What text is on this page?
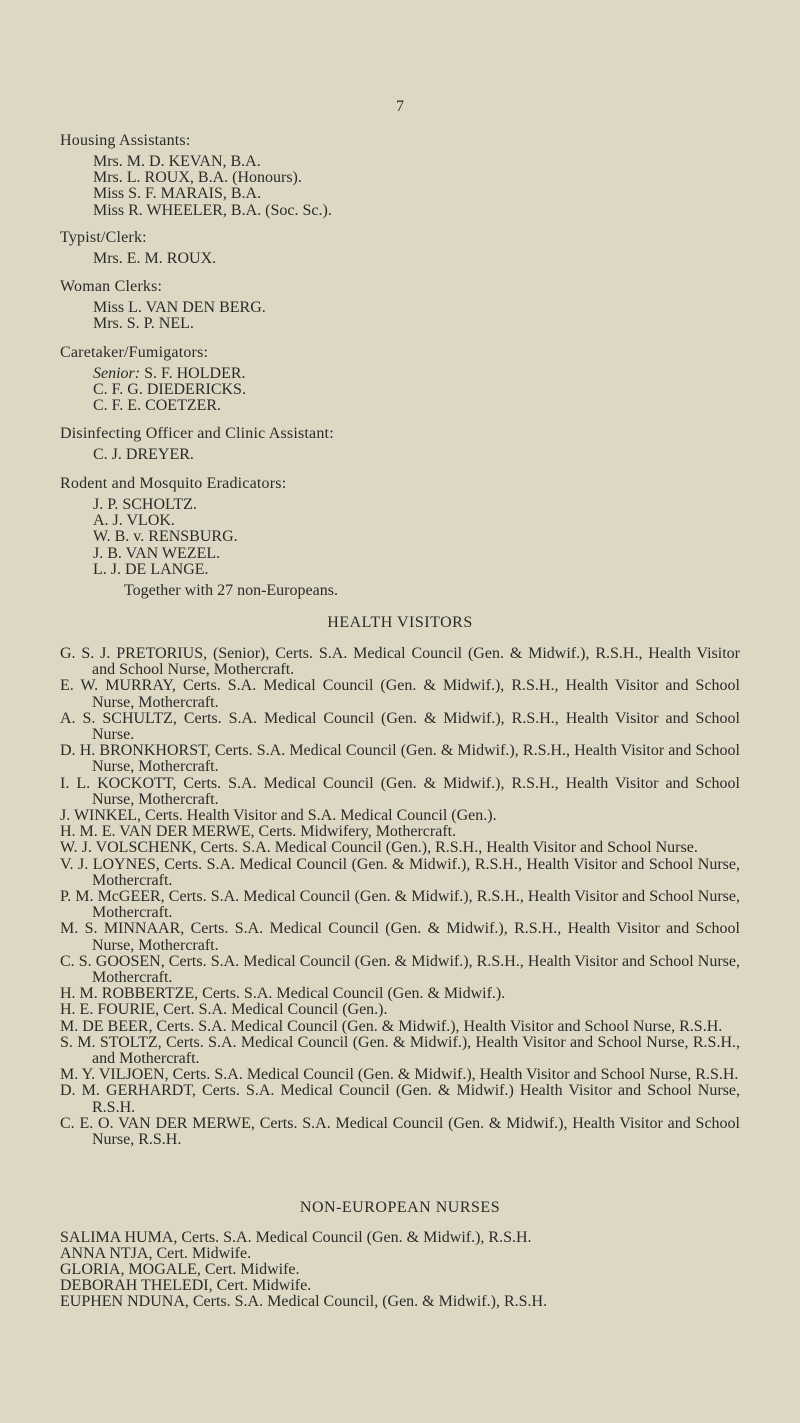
7
Housing Assistants:
Mrs. M. D. KEVAN, B.A.
Mrs. L. ROUX, B.A. (Honours).
Miss S. F. MARAIS, B.A.
Miss R. WHEELER, B.A. (Soc. Sc.).
Typist/Clerk:
Mrs. E. M. ROUX.
Woman Clerks:
Miss L. VAN DEN BERG.
Mrs. S. P. NEL.
Caretaker/Fumigators:
Senior: S. F. HOLDER.
C. F. G. DIEDERICKS.
C. F. E. COETZER.
Disinfecting Officer and Clinic Assistant:
C. J. DREYER.
Rodent and Mosquito Eradicators:
J. P. SCHOLTZ.
A. J. VLOK.
W. B. v. RENSBURG.
J. B. VAN WEZEL.
L. J. DE LANGE.
Together with 27 non-Europeans.
HEALTH VISITORS
G. S. J. PRETORIUS, (Senior), Certs. S.A. Medical Council (Gen. & Midwif.), R.S.H., Health Visitor and School Nurse, Mothercraft.
E. W. MURRAY, Certs. S.A. Medical Council (Gen. & Midwif.), R.S.H., Health Visitor and School Nurse, Mothercraft.
A. S. SCHULTZ, Certs. S.A. Medical Council (Gen. & Midwif.), R.S.H., Health Visitor and School Nurse.
D. H. BRONKHORST, Certs. S.A. Medical Council (Gen. & Midwif.), R.S.H., Health Visitor and School Nurse, Mothercraft.
I. L. KOCKOTT, Certs. S.A. Medical Council (Gen. & Midwif.), R.S.H., Health Visitor and School Nurse, Mothercraft.
J. WINKEL, Certs. Health Visitor and S.A. Medical Council (Gen.).
H. M. E. VAN DER MERWE, Certs. Midwifery, Mothercraft.
W. J. VOLSCHENK, Certs. S.A. Medical Council (Gen.), R.S.H., Health Visitor and School Nurse.
V. J. LOYNES, Certs. S.A. Medical Council (Gen. & Midwif.), R.S.H., Health Visitor and School Nurse, Mothercraft.
P. M. McGEER, Certs. S.A. Medical Council (Gen. & Midwif.), R.S.H., Health Visitor and School Nurse, Mothercraft.
M. S. MINNAAR, Certs. S.A. Medical Council (Gen. & Midwif.), R.S.H., Health Visitor and School Nurse, Mothercraft.
C. S. GOOSEN, Certs. S.A. Medical Council (Gen. & Midwif.), R.S.H., Health Visitor and School Nurse, Mothercraft.
H. M. ROBBERTZE, Certs. S.A. Medical Council (Gen. & Midwif.).
H. E. FOURIE, Cert. S.A. Medical Council (Gen.).
M. DE BEER, Certs. S.A. Medical Council (Gen. & Midwif.), Health Visitor and School Nurse, R.S.H.
S. M. STOLTZ, Certs. S.A. Medical Council (Gen. & Midwif.), Health Visitor and School Nurse, R.S.H., and Mothercraft.
M. Y. VILJOEN, Certs. S.A. Medical Council (Gen. & Midwif.), Health Visitor and School Nurse, R.S.H.
D. M. GERHARDT, Certs. S.A. Medical Council (Gen. & Midwif.) Health Visitor and School Nurse, R.S.H.
C. E. O. VAN DER MERWE, Certs. S.A. Medical Council (Gen. & Midwif.), Health Visitor and School Nurse, R.S.H.
NON-EUROPEAN NURSES
SALIMA HUMA, Certs. S.A. Medical Council (Gen. & Midwif.), R.S.H.
ANNA NTJA, Cert. Midwife.
GLORIA, MOGALE, Cert. Midwife.
DEBORAH THELEDI, Cert. Midwife.
EUPHEN NDUNA, Certs. S.A. Medical Council, (Gen. & Midwif.), R.S.H.
